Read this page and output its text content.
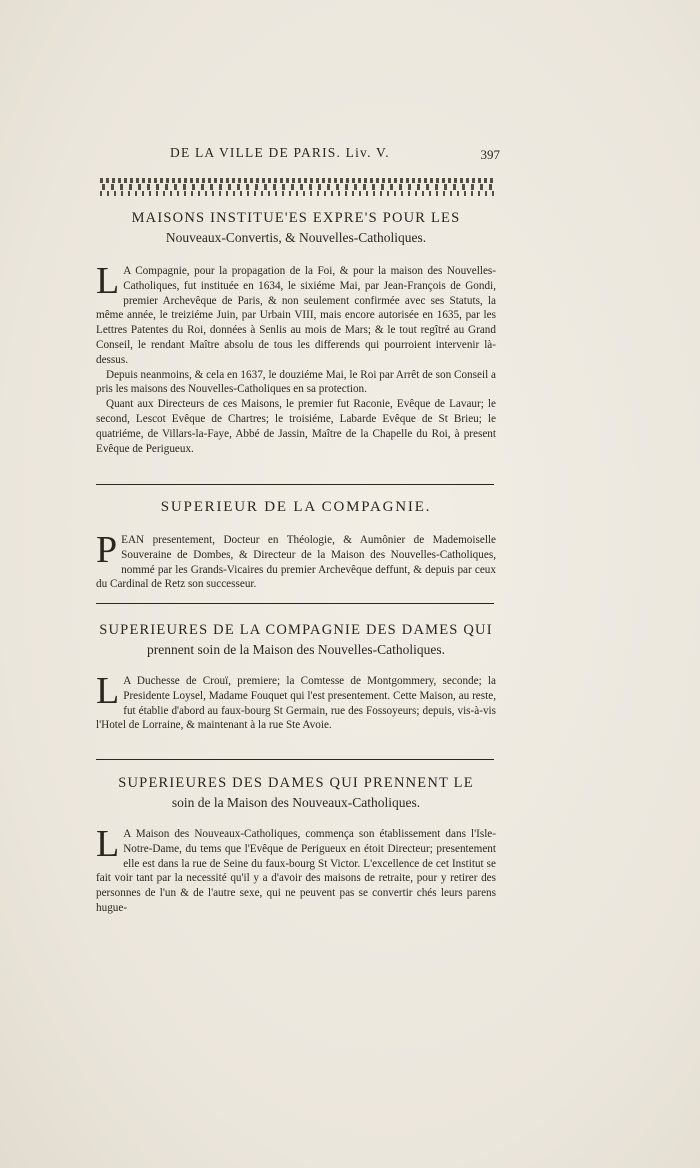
DE LA VILLE DE PARIS. Liv. V.	397
MAISONS INSTITUE'ES EXPRE'S POUR LES
Nouveaux-Convertis, & Nouvelles-Catholiques.

L A Compagnie, pour la propagation de la Foi, & pour la maison des Nouvelles-Catholiques, fut instituée en 1634, le sixiéme Mai, par Jean-François de Gondi, premier Archevêque de Paris, & non seulement confirmée avec ses Statuts, la même année, le treiziéme Juin, par Urbain VIII, mais encore autorisée en 1635, par les Lettres Patentes du Roi, données à Senlis au mois de Mars; & le tout regîtré au Grand Conseil, le rendant Maître absolu de tous les differends qui pourroient intervenir là-dessus.

Depuis neanmoins, & cela en 1637, le douziéme Mai, le Roi par Arrêt de son Conseil a pris les maisons des Nouvelles-Catholiques en sa protection.

Quant aux Directeurs de ces Maisons, le premier fut Raconie, Evêque de Lavaur; le second, Lescot Evêque de Chartres; le troisiéme, Labarde Evêque de St Brieu; le quatriéme, de Villars-la-Faye, Abbé de Jassin, Maître de la Chapelle du Roi, à present Evêque de Perigueux.

SUPERIEUR DE LA COMPAGNIE.

PEAN presentement, Docteur en Théologie, & Aumônier de Mademoiselle Souveraine de Dombes, & Directeur de la Maison des Nouvelles-Catholiques, nommé par les Grands-Vicaires du premier Archevêque deffunt, & depuis par ceux du Cardinal de Retz son successeur.

SUPERIEURES DE LA COMPAGNIE DES DAMES QUI
prennent soin de la Maison des Nouvelles-Catholiques.

L A Duchesse de Crouï, premiere; la Comtesse de Montgommery, seconde; la Presidente Loysel, Madame Fouquet qui l'est presentement. Cette Maison, au reste, fut établie d'abord au faux-bourg St Germain, rue des Fossoyeurs; depuis, vis-à-vis l'Hotel de Lorraine, & maintenant à la rue Ste Avoie.

SUPERIEURES DES DAMES QUI PRENNENT LE
soin de la Maison des Nouveaux-Catholiques.

L A Maison des Nouveaux-Catholiques, commença son établissement dans l'Isle-Notre-Dame, du tems que l'Evêque de Perigueux en étoit Directeur; presentement elle est dans la rue de Seine du faux-bourg St Victor. L'excellence de cet Institut se fait voir tant par la necessité qu'il y a d'avoir des maisons de retraite, pour y retirer des personnes de l'un & de l'autre sexe, qui ne peuvent pas se convertir chés leurs parens hugue-
